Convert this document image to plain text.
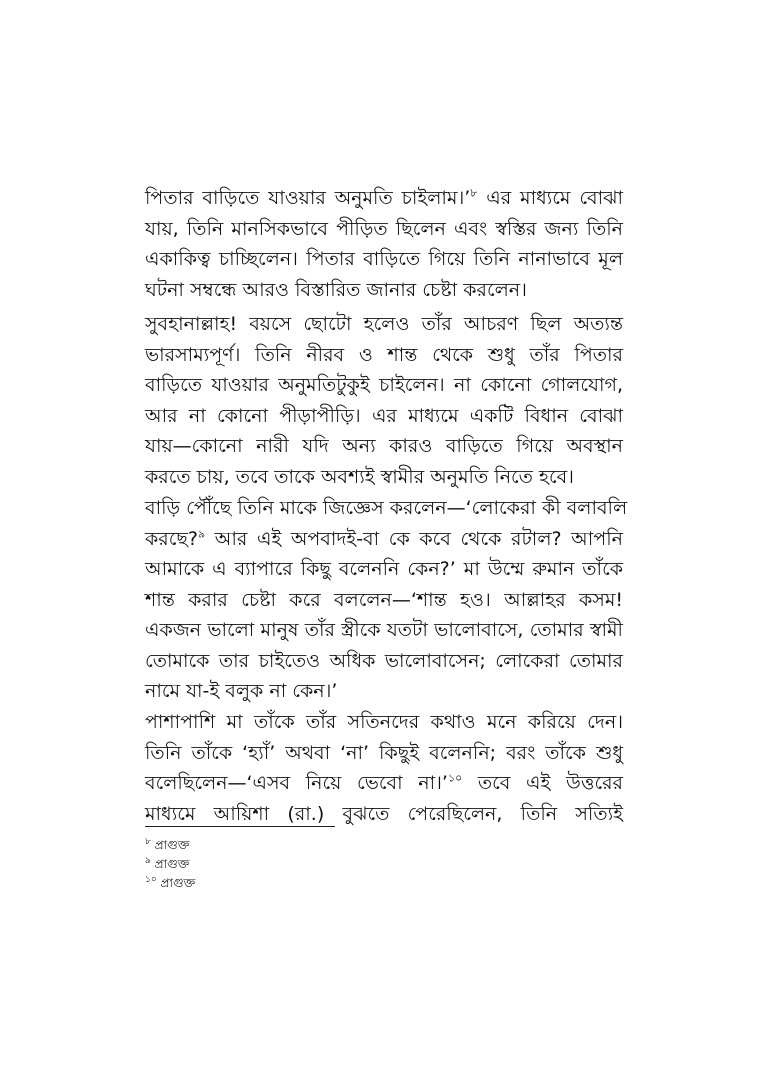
পিতার বাড়িতে যাওয়ার অনুমতি চাইলাম।’$^৮$ এর মাধ্যমে বোঝা
যায়, তিনি মানসিকভাবে পীড়িত ছিলেন এবং স্বস্তির জন্য তিনি
একাকিত্ব চাচ্ছিলেন। পিতার বাড়িতে গিয়ে তিনি নানাভাবে মূল
ঘটনা সম্বন্ধে আরও বিস্তারিত জানার চেষ্টা করলেন।

সুবহানাল্লাহ! বয়সে ছোটো হলেও তাঁর আচরণ ছিল অত্যন্ত
ভারসাম্যপূর্ণ। তিনি নীরব ও শান্ত থেকে শুধু তাঁর পিতার
বাড়িতে যাওয়ার অনুমতিটুকুই চাইলেন। না কোনো গোলযোগ,
আর না কোনো পীড়াপীড়ি। এর মাধ্যমে একটি বিধান বোঝা
যায়—কোনো নারী যদি অন্য কারও বাড়িতে গিয়ে অবস্থান
করতে চায়, তবে তাকে অবশ্যই স্বামীর অনুমতি নিতে হবে।

বাড়ি পৌঁছে তিনি মাকে জিজ্ঞেস করলেন—‘লোকেরা কী বলাবলি
করছে?$^৯$ আর এই অপবাদই-বা কে কবে থেকে রটাল? আপনি
আমাকে এ ব্যাপারে কিছু বলেননি কেন?’ মা উম্মে রুমান তাঁকে
শান্ত করার চেষ্টা করে বললেন—‘শান্ত হও। আল্লাহর কসম!
একজন ভালো মানুষ তাঁর স্ত্রীকে যতটা ভালোবাসে, তোমার স্বামী
তোমাকে তার চাইতেও অধিক ভালোবাসেন; লোকেরা তোমার
নামে যা-ই বলুক না কেন।’

পাশাপাশি মা তাঁকে তাঁর সতিনদের কথাও মনে করিয়ে দেন।
তিনি তাঁকে ‘হ্যাঁ’ অথবা ‘না’ কিছুই বলেননি; বরং তাঁকে শুধু
বলেছিলেন—‘এসব নিয়ে ভেবো না।’$^{১০}$ তবে এই উত্তরের
মাধ্যমে আয়িশা (রা.) বুঝতে পেরেছিলেন, তিনি সত্যিই

$^৮$ প্রাগুক্ত
$^৯$ প্রাগুক্ত
$^{১০}$ প্রাগুক্ত
